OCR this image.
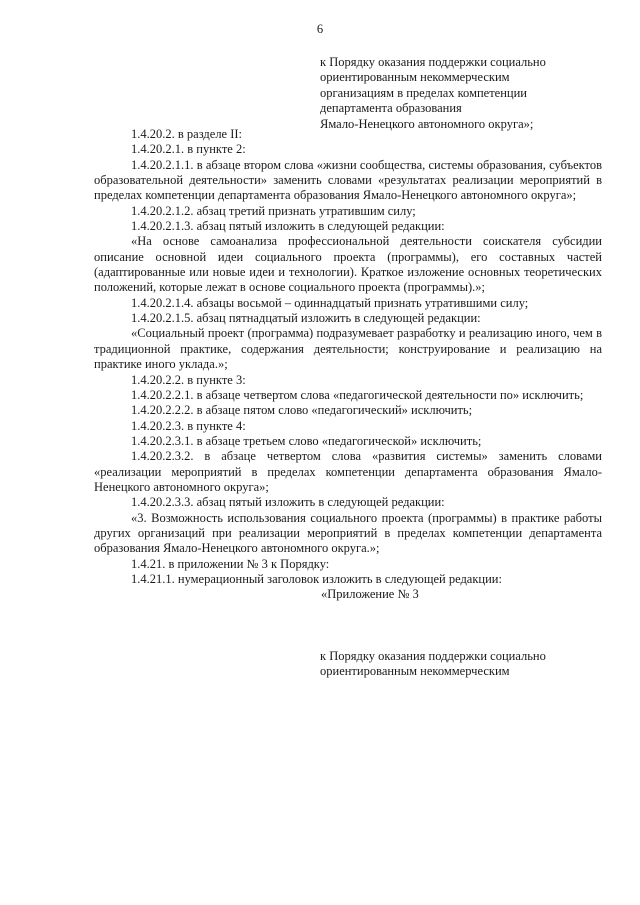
6
к Порядку оказания поддержки социально
ориентированным некоммерческим
организациям в пределах компетенции
департамента образования
Ямало-Ненецкого автономного округа»;

1.4.20.2. в разделе II:

1.4.20.2.1. в пункте 2:

1.4.20.2.1.1. в абзаце втором слова «жизни сообщества, системы образования, субъектов образовательной деятельности» заменить словами «результатах реализации мероприятий в пределах компетенции департамента образования Ямало-Ненецкого автономного округа»;

1.4.20.2.1.2. абзац третий признать утратившим силу;

1.4.20.2.1.3. абзац пятый изложить в следующей редакции:

«На основе самоанализа профессиональной деятельности соискателя субсидии описание основной идеи социального проекта (программы), его составных частей (адаптированные или новые идеи и технологии). Краткое изложение основных теоретических положений, которые лежат в основе социального проекта (программы).»;

1.4.20.2.1.4. абзацы восьмой – одиннадцатый признать утратившими силу;

1.4.20.2.1.5. абзац пятнадцатый изложить в следующей редакции:

«Социальный проект (программа) подразумевает разработку и реализацию иного, чем в традиционной практике, содержания деятельности; конструирование и реализацию на практике иного уклада.»;

1.4.20.2.2. в пункте 3:

1.4.20.2.2.1. в абзаце четвертом слова «педагогической деятельности по» исключить;

1.4.20.2.2.2. в абзаце пятом слово «педагогический» исключить;

1.4.20.2.3. в пункте 4:

1.4.20.2.3.1. в абзаце третьем слово «педагогической» исключить;

1.4.20.2.3.2. в абзаце четвертом слова «развития системы» заменить словами «реализации мероприятий в пределах компетенции департамента образования Ямало-Ненецкого автономного округа»;

1.4.20.2.3.3. абзац пятый изложить в следующей редакции:

«3. Возможность использования социального проекта (программы) в практике работы других организаций при реализации мероприятий в пределах компетенции департамента образования Ямало-Ненецкого автономного округа.»;

1.4.21. в приложении № 3 к Порядку:

1.4.21.1. нумерационный заголовок изложить в следующей редакции:

«Приложение № 3
к Порядку оказания поддержки социально
ориентированным некоммерческим
